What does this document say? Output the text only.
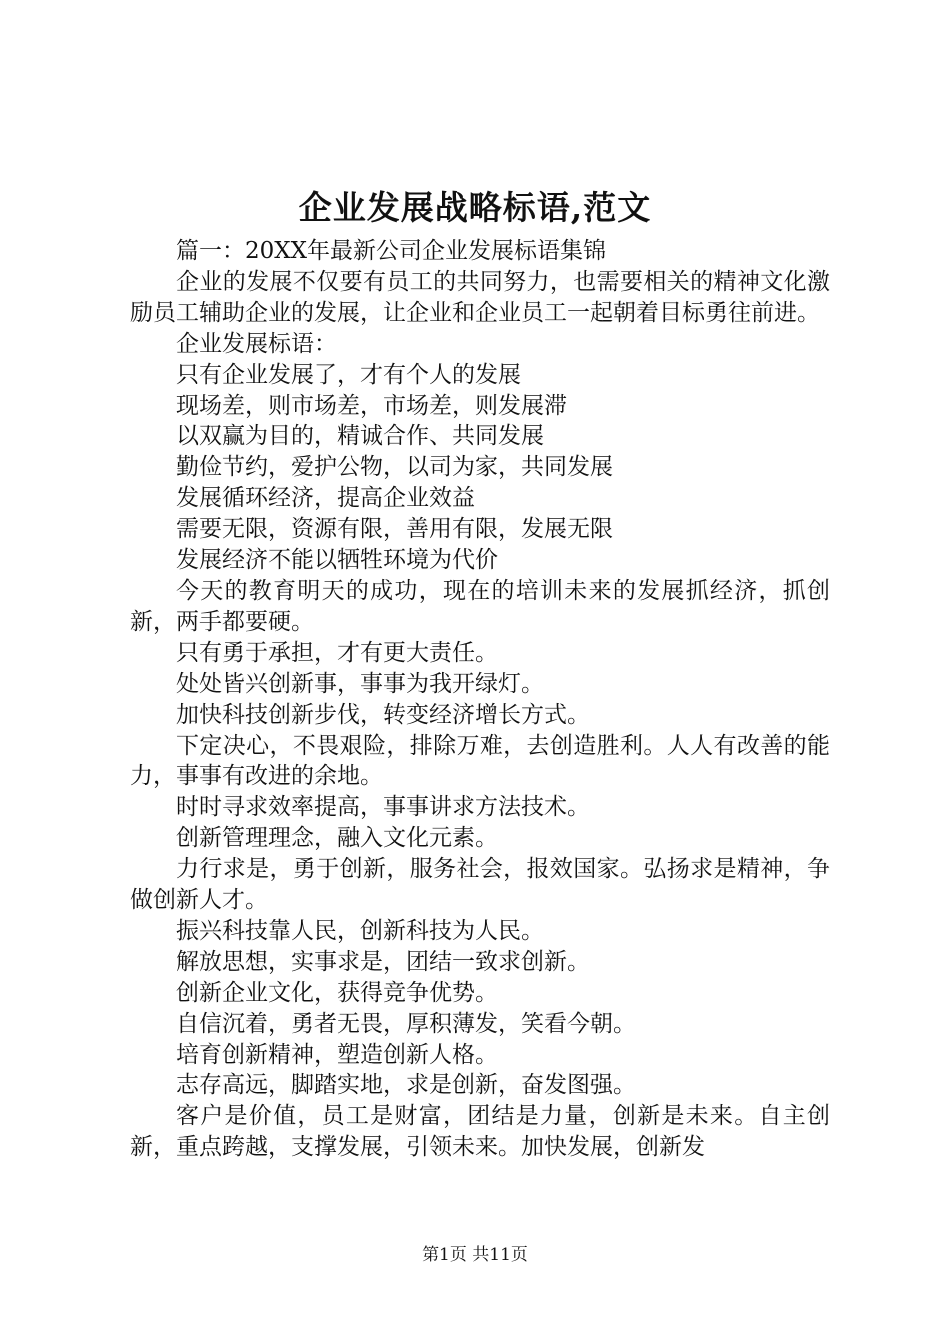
企业发展战略标语,范文

篇一：20XX年最新公司企业发展标语集锦

企业的发展不仅要有员工的共同努力，也需要相关的精神文化激励员工辅助企业的发展，让企业和企业员工一起朝着目标勇往前进。

企业发展标语：

只有企业发展了，才有个人的发展

现场差，则市场差，市场差，则发展滞

以双赢为目的，精诚合作、共同发展

勤俭节约，爱护公物，以司为家，共同发展

发展循环经济，提高企业效益

需要无限，资源有限，善用有限，发展无限

发展经济不能以牺牲环境为代价

今天的教育明天的成功，现在的培训未来的发展抓经济，抓创新，两手都要硬。

只有勇于承担，才有更大责任。

处处皆兴创新事，事事为我开绿灯。

加快科技创新步伐，转变经济增长方式。

下定决心，不畏艰险，排除万难，去创造胜利。人人有改善的能力，事事有改进的余地。

时时寻求效率提高，事事讲求方法技术。

创新管理理念，融入文化元素。

力行求是，勇于创新，服务社会，报效国家。弘扬求是精神，争做创新人才。

振兴科技靠人民，创新科技为人民。

解放思想，实事求是，团结一致求创新。

创新企业文化，获得竞争优势。

自信沉着，勇者无畏，厚积薄发，笑看今朝。

培育创新精神，塑造创新人格。

志存高远，脚踏实地，求是创新，奋发图强。

客户是价值，员工是财富，团结是力量，创新是未来。自主创新，重点跨越，支撑发展，引领未来。加快发展，创新发

第1页 共11页
